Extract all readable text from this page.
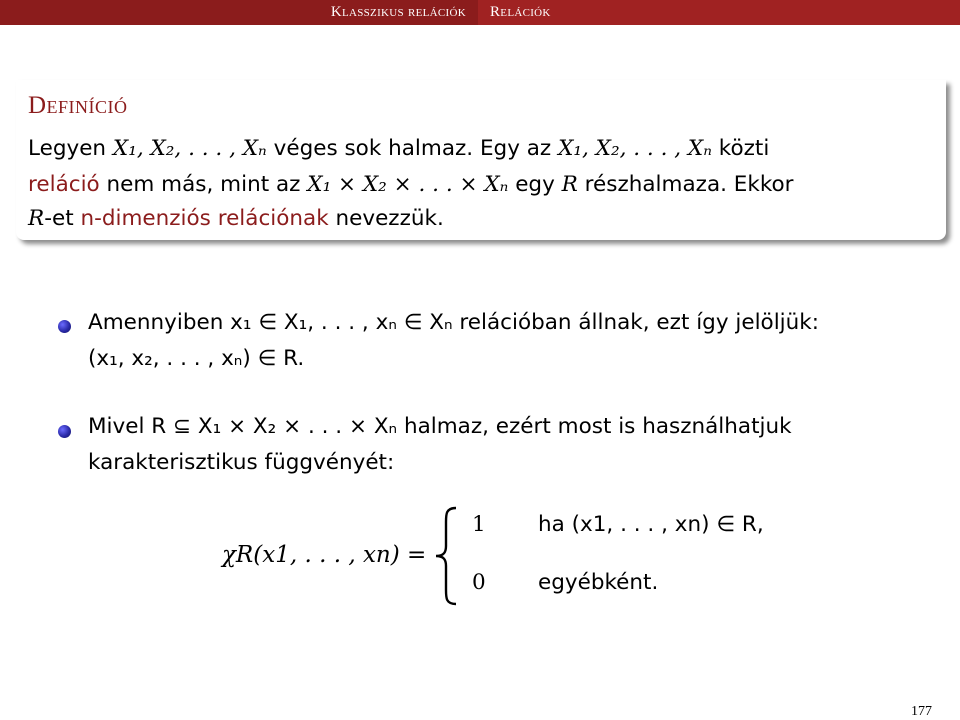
Klasszikus relációk	Relációk
Definíció
Legyen X₁, X₂, . . . , Xₙ véges sok halmaz. Egy az X₁, X₂, . . . , Xₙ közti
reláció nem más, mint az X₁ × X₂ × . . . × Xₙ egy R részhalmaza. Ekkor
R-et n-dimenziós relációnak nevezzük.
Amennyiben x₁ ∈ X₁, . . . , xₙ ∈ Xₙ relációban állnak, ezt így jelöljük:
(x₁, x₂, . . . , xₙ) ∈ R.
Mivel R ⊆ X₁ × X₂ × . . . × Xₙ halmaz, ezért most is használhatjuk
karakterisztikus függvényét:
χR(x1, . . . , xn) =
1 ha (x1, . . . , xn) ∈ R,
0 egyébként.
177
